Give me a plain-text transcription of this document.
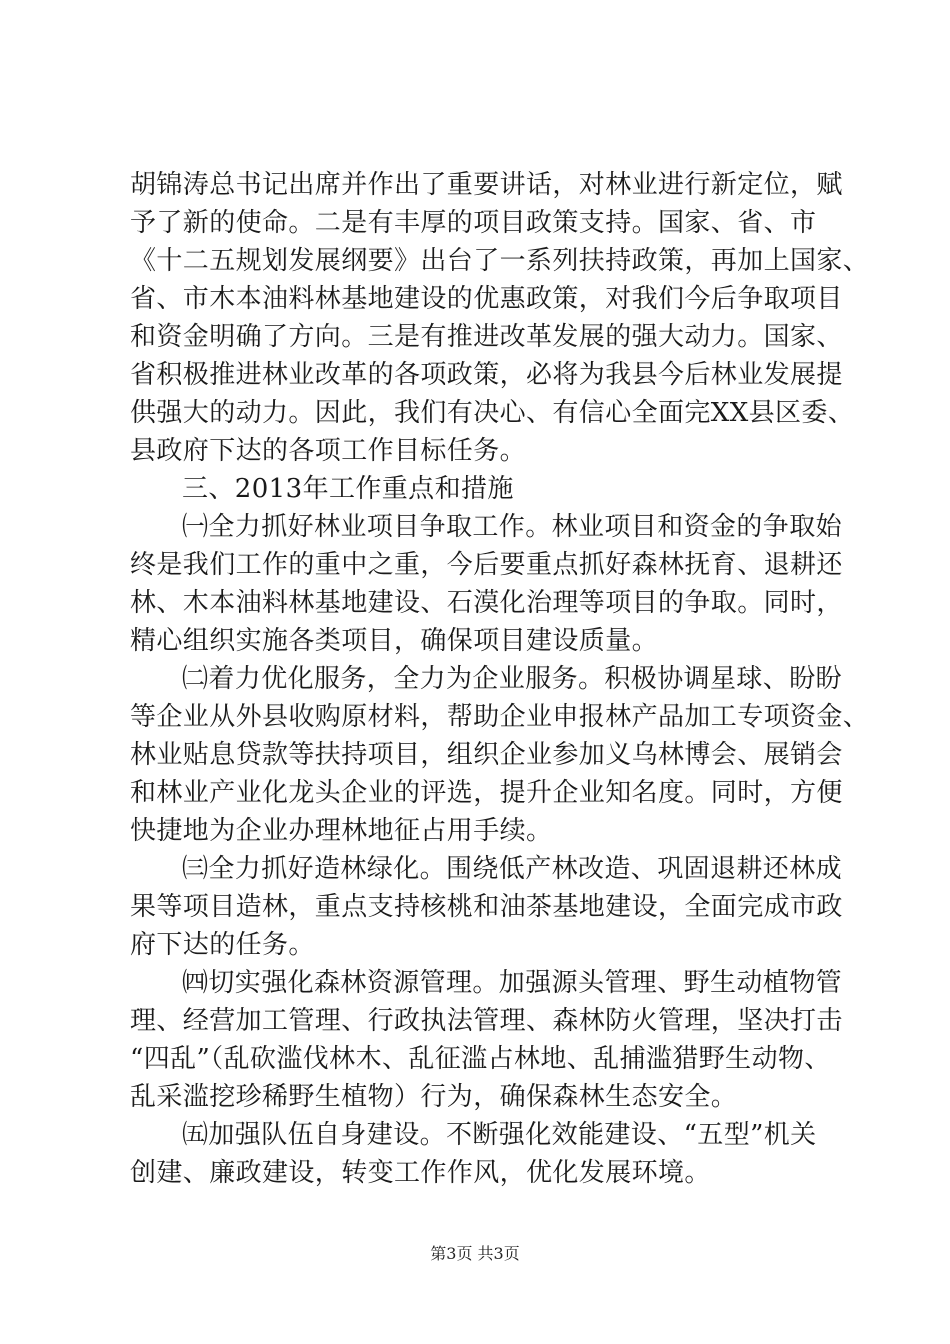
胡锦涛总书记出席并作出了重要讲话，对林业进行新定位，赋
予了新的使命。二是有丰厚的项目政策支持。国家、省、市
《十二五规划发展纲要》出台了一系列扶持政策，再加上国家、
省、市木本油料林基地建设的优惠政策，对我们今后争取项目
和资金明确了方向。三是有推进改革发展的强大动力。国家、
省积极推进林业改革的各项政策，必将为我县今后林业发展提
供强大的动力。因此，我们有决心、有信心全面完XX县区委、
县政府下达的各项工作目标任务。
三、2013年工作重点和措施
㈠全力抓好林业项目争取工作。林业项目和资金的争取始
终是我们工作的重中之重，今后要重点抓好森林抚育、退耕还
林、木本油料林基地建设、石漠化治理等项目的争取。同时，
精心组织实施各类项目，确保项目建设质量。
㈡着力优化服务，全力为企业服务。积极协调星球、盼盼
等企业从外县收购原材料，帮助企业申报林产品加工专项资金、
林业贴息贷款等扶持项目，组织企业参加义乌林博会、展销会
和林业产业化龙头企业的评选，提升企业知名度。同时，方便
快捷地为企业办理林地征占用手续。
㈢全力抓好造林绿化。围绕低产林改造、巩固退耕还林成
果等项目造林，重点支持核桃和油茶基地建设，全面完成市政
府下达的任务。
㈣切实强化森林资源管理。加强源头管理、野生动植物管
理、经营加工管理、行政执法管理、森林防火管理，坚决打击
“四乱”（乱砍滥伐林木、乱征滥占林地、乱捕滥猎野生动物、
乱采滥挖珍稀野生植物）行为，确保森林生态安全。
㈤加强队伍自身建设。不断强化效能建设、“五型”机关
创建、廉政建设，转变工作作风，优化发展环境。
第3页 共3页
